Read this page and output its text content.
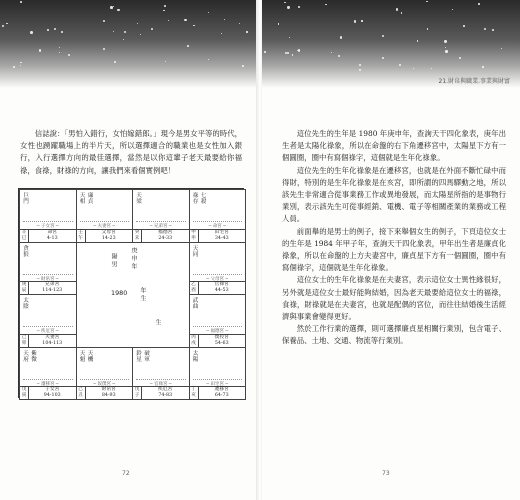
信誌說：「男怕入錯行，女怕嫁錯郎。」現今是男女平等的時代，女性也踴躍職場上的半片天，所以選擇適合的職業也是女性加入銀行，入行選擇方向的最佳選擇，當然是以你這輩子老天最要給你福祿，食祿，財祿的方向，讓我們來看個實例吧！

陽男 庚申年
1980 年生
生
巨門
─ 子女宮 ─
辛巳
命宮
4-13
廉貞
天相
─ 夫妻宮 ─
壬午
父母宮
14-23
天梁
─ 兄弟宮 ─
癸未
福德宮
24-33
七殺
祿存
─ 命宮 ─
甲申
田宅宮
34-43
貪狼
─ 財帛宮 ─
庚辰
兄弟宮
114-123
天同
─ 父母宮 ─
乙酉
官祿宮
44-53
太陰
─ 疾厄宮 ─
己卯
夫妻宮
104-113
武曲
─ 福德宮 ─
丙戌
僕役宮
54-63
紫微
天府
─ 遷移宮 ─
戊寅
子女宮
94-103
天機
天魁
─ 奴僕宮 ─
己丑
財帛宮
84-93
破軍
鈴星
─ 官祿宮 ─
戊子
疾厄宮
74-83
太陽
─ 田宅宮 ─
丁亥
遷移宮
64-73
72
21.財帛與職業.事業與財富

這位先生的生年是 1980 年庚申年，查詢天干四化象表，庚年出生者是太陽化祿象，所以在命盤的右下角遷移宮中，太陽星下方有一個圓圈，圈中有寫個祿字，這個就是生年化祿象。

這位先生的生年化祿象是在遷移宮，也就是在外面不斷忙碌中而得財，特別的是生年化祿象是在亥宮，即所謂的四馬驛動之地，所以該先生非常適合從事業務工作或異地發展，而太陽星所指的是事物行業別，表示該先生可從事經銷、電機、電子等相關產業的業務或工程人員。

前面舉的是男士的例子，接下來舉個女生的例子，下頁這位女士的生年是 1984 年甲子年，查詢天干四化象表，甲年出生者是廉貞化祿象，所以在命盤的上方夫妻宮中，廉貞星下方有一個圓圈，圈中有寫個祿字，這個就是生年化祿象。

這位女士的生年化祿象是在夫妻宮，表示這位女士異性緣很好，另外就是這位女士最好能夠結婚，因為老天最要給這位女士的福祿，食祿，財祿就是在夫妻宮，也就是配偶的宮位，而往往結婚後生活經濟與事業會變得更好。

然於工作行業的選擇，則可選擇廉貞星相關行業別，包含電子、保養品、土地、交通、物流等行業別。

73
